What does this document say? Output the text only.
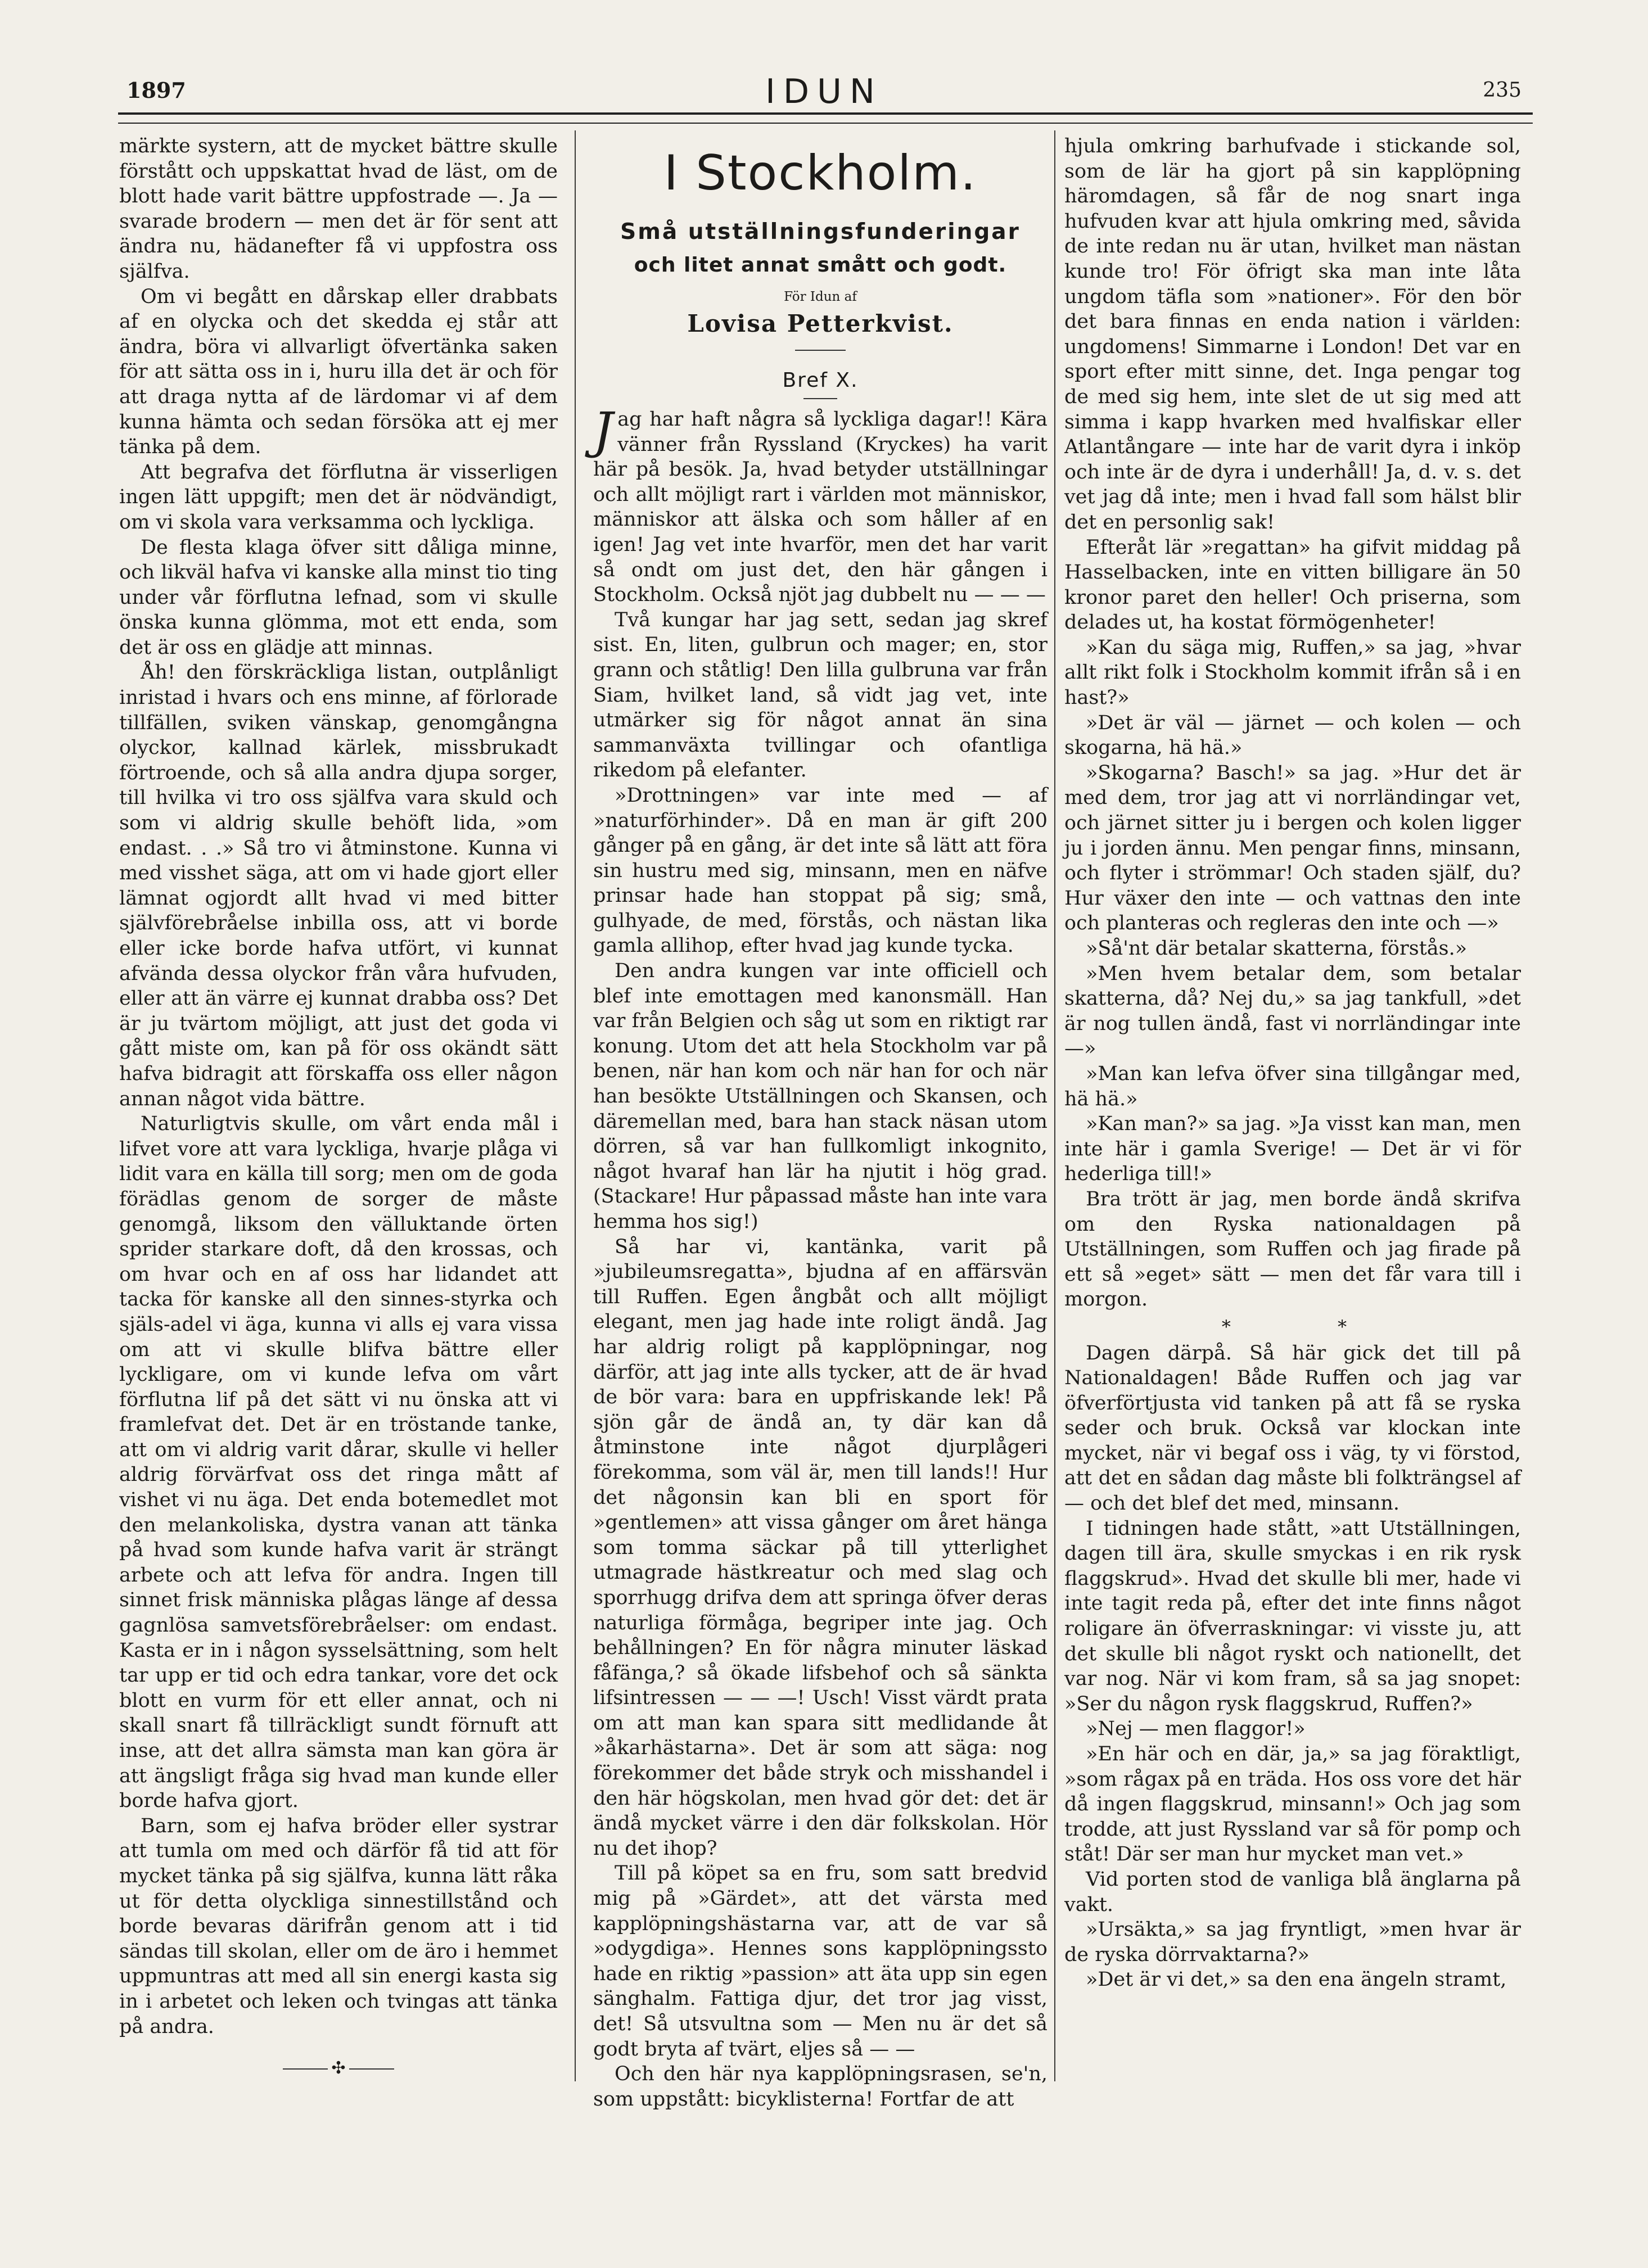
1897	IDUN	235

märkte systern, att de mycket bättre skulle förstått och uppskattat hvad de läst, om de blott hade varit bättre uppfostrade —. Ja — svarade brodern — men det är för sent att ändra nu, hädanefter få vi uppfostra oss själfva.

Om vi begått en dårskap eller drabbats af en olycka och det skedda ej står att ändra, böra vi allvarligt öfvertänka saken för att sätta oss in i, huru illa det är och för att draga nytta af de lärdomar vi af dem kunna hämta och sedan försöka att ej mer tänka på dem.

Att begrafva det förflutna är visserligen ingen lätt uppgift; men det är nödvändigt, om vi skola vara verksamma och lyckliga.

De flesta klaga öfver sitt dåliga minne, och likväl hafva vi kanske alla minst tio ting under vår förflutna lefnad, som vi skulle önska kunna glömma, mot ett enda, som det är oss en glädje att minnas.

Åh! den förskräckliga listan, outplånligt inristad i hvars och ens minne, af förlorade tillfällen, sviken vänskap, genomgångna olyckor, kallnad kärlek, missbrukadt förtroende, och så alla andra djupa sorger, till hvilka vi tro oss själfva vara skuld och som vi aldrig skulle behöft lida, »om endast. . .» Så tro vi åtminstone. Kunna vi med visshet säga, att om vi hade gjort eller lämnat ogjordt allt hvad vi med bitter självförebråelse inbilla oss, att vi borde eller icke borde hafva utfört, vi kunnat afvända dessa olyckor från våra hufvuden, eller att än värre ej kunnat drabba oss? Det är ju tvärtom möjligt, att just det goda vi gått miste om, kan på för oss okändt sätt hafva bidragit att förskaffa oss eller någon annan något vida bättre.

Naturligtvis skulle, om vårt enda mål i lifvet vore att vara lyckliga, hvarje plåga vi lidit vara en källa till sorg; men om de goda förädlas genom de sorger de måste genomgå, liksom den välluktande örten sprider starkare doft, då den krossas, och om hvar och en af oss har lidandet att tacka för kanske all den sinnes-styrka och själs-adel vi äga, kunna vi alls ej vara vissa om att vi skulle blifva bättre eller lyckligare, om vi kunde lefva om vårt förflutna lif på det sätt vi nu önska att vi framlefvat det. Det är en tröstande tanke, att om vi aldrig varit dårar, skulle vi heller aldrig förvärfvat oss det ringa mått af vishet vi nu äga. Det enda botemedlet mot den melankoliska, dystra vanan att tänka på hvad som kunde hafva varit är strängt arbete och att lefva för andra. Ingen till sinnet frisk människa plågas länge af dessa gagnlösa samvetsförebråelser: om endast. Kasta er in i någon sysselsättning, som helt tar upp er tid och edra tankar, vore det ock blott en vurm för ett eller annat, och ni skall snart få tillräckligt sundt förnuft att inse, att det allra sämsta man kan göra är att ängsligt fråga sig hvad man kunde eller borde hafva gjort.

Barn, som ej hafva bröder eller systrar att tumla om med och därför få tid att för mycket tänka på sig själfva, kunna lätt råka ut för detta olyckliga sinnestillstånd och borde bevaras därifrån genom att i tid sändas till skolan, eller om de äro i hemmet uppmuntras att med all sin energi kasta sig in i arbetet och leken och tvingas att tänka på andra.

✣
I Stockholm.
Små utställningsfunderingar
och litet annat smått och godt.
För Idun af
Lovisa Petterkvist.
Bref X.

Jag har haft några så lyckliga dagar!! Kära vänner från Ryssland (Kryckes) ha varit här på besök. Ja, hvad betyder utställningar och allt möjligt rart i världen mot människor, människor att älska och som håller af en igen! Jag vet inte hvarför, men det har varit så ondt om just det, den här gången i Stockholm. Också njöt jag dubbelt nu — — —

Två kungar har jag sett, sedan jag skref sist. En, liten, gulbrun och mager; en, stor grann och ståtlig! Den lilla gulbruna var från Siam, hvilket land, så vidt jag vet, inte utmärker sig för något annat än sina sammanväxta tvillingar och ofantliga rikedom på elefanter.

»Drottningen» var inte med — af »naturförhinder». Då en man är gift 200 gånger på en gång, är det inte så lätt att föra sin hustru med sig, minsann, men en näfve prinsar hade han stoppat på sig; små, gulhyade, de med, förstås, och nästan lika gamla allihop, efter hvad jag kunde tycka.

Den andra kungen var inte officiell och blef inte emottagen med kanonsmäll. Han var från Belgien och såg ut som en riktigt rar konung. Utom det att hela Stockholm var på benen, när han kom och när han for och när han besökte Utställningen och Skansen, och däremellan med, bara han stack näsan utom dörren, så var han fullkomligt inkognito, något hvaraf han lär ha njutit i hög grad. (Stackare! Hur påpassad måste han inte vara hemma hos sig!)

Så har vi, kantänka, varit på »jubileumsregatta», bjudna af en affärsvän till Ruffen. Egen ångbåt och allt möjligt elegant, men jag hade inte roligt ändå. Jag har aldrig roligt på kapplöpningar, nog därför, att jag inte alls tycker, att de är hvad de bör vara: bara en uppfriskande lek! På sjön går de ändå an, ty där kan då åtminstone inte något djurplågeri förekomma, som väl är, men till lands!! Hur det någonsin kan bli en sport för »gentlemen» att vissa gånger om året hänga som tomma säckar på till ytterlighet utmagrade hästkreatur och med slag och sporrhugg drifva dem att springa öfver deras naturliga förmåga, begriper inte jag. Och behållningen? En för några minuter läskad fåfänga,? så ökade lifsbehof och så sänkta lifsintressen — — —! Usch! Visst värdt prata om att man kan spara sitt medlidande åt »åkarhästarna». Det är som att säga: nog förekommer det både stryk och misshandel i den här högskolan, men hvad gör det: det är ändå mycket värre i den där folkskolan. Hör nu det ihop?

Till på köpet sa en fru, som satt bredvid mig på »Gärdet», att det värsta med kapplöpningshästarna var, att de var så »odygdiga». Hennes sons kapplöpningssto hade en riktig »passion» att äta upp sin egen sänghalm. Fattiga djur, det tror jag visst, det! Så utsvultna som — Men nu är det så godt bryta af tvärt, eljes så — —

Och den här nya kapplöpningsrasen, se'n, som uppstått: bicyklisterna! Fortfar de att

hjula omkring barhufvade i stickande sol, som de lär ha gjort på sin kapplöpning häromdagen, så får de nog snart inga hufvuden kvar att hjula omkring med, såvida de inte redan nu är utan, hvilket man nästan kunde tro! För öfrigt ska man inte låta ungdom täfla som »nationer». För den bör det bara finnas en enda nation i världen: ungdomens! Simmarne i London! Det var en sport efter mitt sinne, det. Inga pengar tog de med sig hem, inte slet de ut sig med att simma i kapp hvarken med hvalfiskar eller Atlantångare — inte har de varit dyra i inköp och inte är de dyra i underhåll! Ja, d. v. s. det vet jag då inte; men i hvad fall som hälst blir det en personlig sak!

Efteråt lär »regattan» ha gifvit middag på Hasselbacken, inte en vitten billigare än 50 kronor paret den heller! Och priserna, som delades ut, ha kostat förmögenheter!

»Kan du säga mig, Ruffen,» sa jag, »hvar allt rikt folk i Stockholm kommit ifrån så i en hast?»

»Det är väl — järnet — och kolen — och skogarna, hä hä.»

»Skogarna? Basch!» sa jag. »Hur det är med dem, tror jag att vi norrländingar vet, och järnet sitter ju i bergen och kolen ligger ju i jorden ännu. Men pengar finns, minsann, och flyter i strömmar! Och staden själf, du? Hur växer den inte — och vattnas den inte och planteras och regleras den inte och —»

»Så'nt där betalar skatterna, förstås.»

»Men hvem betalar dem, som betalar skatterna, då? Nej du,» sa jag tankfull, »det är nog tullen ändå, fast vi norrländingar inte —»

»Man kan lefva öfver sina tillgångar med, hä hä.»

»Kan man?» sa jag. »Ja visst kan man, men inte här i gamla Sverige! — Det är vi för hederliga till!»

Bra trött är jag, men borde ändå skrifva om den Ryska nationaldagen på Utställningen, som Ruffen och jag firade på ett så »eget» sätt — men det får vara till i morgon.

* *

Dagen därpå. Så här gick det till på Nationaldagen! Både Ruffen och jag var öfverförtjusta vid tanken på att få se ryska seder och bruk. Också var klockan inte mycket, när vi begaf oss i väg, ty vi förstod, att det en sådan dag måste bli folkträngsel af — och det blef det med, minsann.

I tidningen hade stått, »att Utställningen, dagen till ära, skulle smyckas i en rik rysk flaggskrud». Hvad det skulle bli mer, hade vi inte tagit reda på, efter det inte finns något roligare än öfverraskningar: vi visste ju, att det skulle bli något ryskt och nationellt, det var nog. När vi kom fram, så sa jag snopet: »Ser du någon rysk flaggskrud, Ruffen?»

»Nej — men flaggor!»

»En här och en där, ja,» sa jag föraktligt, »som rågax på en träda. Hos oss vore det här då ingen flaggskrud, minsann!» Och jag som trodde, att just Ryssland var så för pomp och ståt! Där ser man hur mycket man vet.»

Vid porten stod de vanliga blå änglarna på vakt.

»Ursäkta,» sa jag fryntligt, »men hvar är de ryska dörrvaktarna?»

»Det är vi det,» sa den ena ängeln stramt,
